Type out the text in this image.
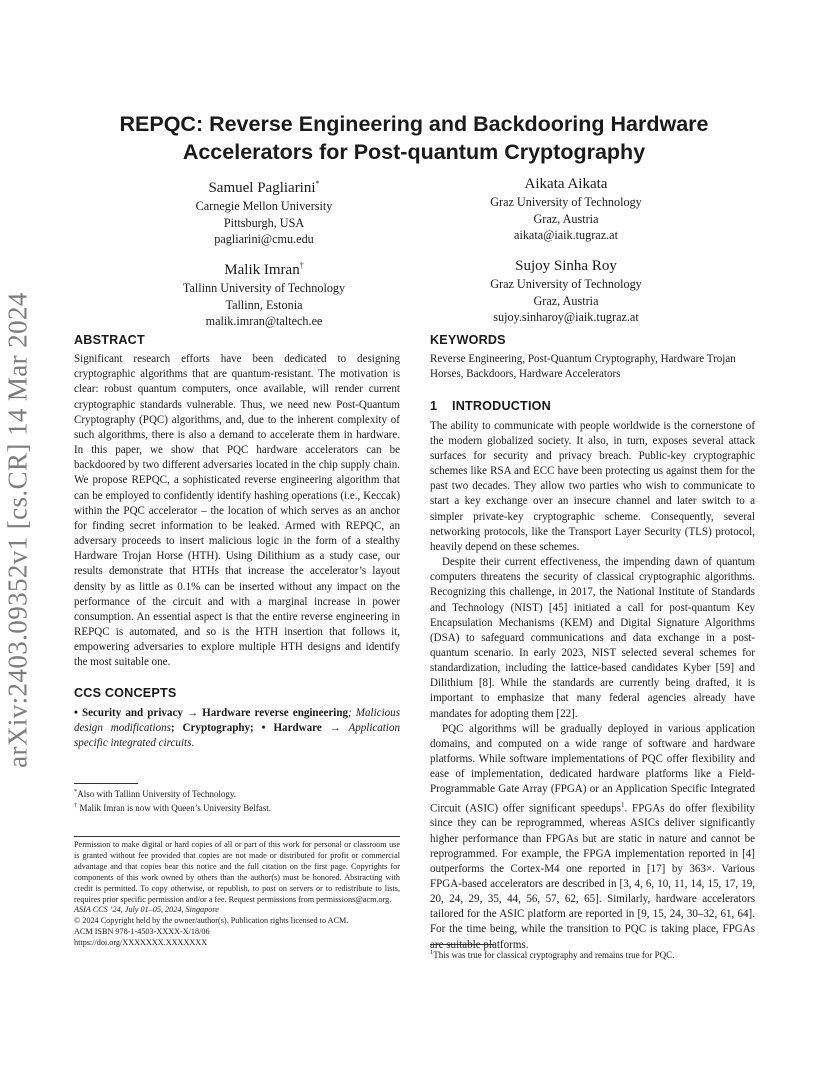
arXiv:2403.09352v1 [cs.CR] 14 Mar 2024
REPQC: Reverse Engineering and Backdooring Hardware
Accelerators for Post-quantum Cryptography
Samuel Pagliarini*
Carnegie Mellon University
Pittsburgh, USA
pagliarini@cmu.edu
Aikata Aikata
Graz University of Technology
Graz, Austria
aikata@iaik.tugraz.at
Malik Imran†
Tallinn University of Technology
Tallinn, Estonia
malik.imran@taltech.ee
Sujoy Sinha Roy
Graz University of Technology
Graz, Austria
sujoy.sinharoy@iaik.tugraz.at
ABSTRACT

Significant research efforts have been dedicated to designing cryptographic algorithms that are quantum-resistant. The motivation is clear: robust quantum computers, once available, will render current cryptographic standards vulnerable. Thus, we need new Post-Quantum Cryptography (PQC) algorithms, and, due to the inherent complexity of such algorithms, there is also a demand to accelerate them in hardware. In this paper, we show that PQC hardware accelerators can be backdoored by two different adversaries located in the chip supply chain. We propose REPQC, a sophisticated reverse engineering algorithm that can be employed to confidently identify hashing operations (i.e., Keccak) within the PQC accelerator – the location of which serves as an anchor for finding secret information to be leaked. Armed with REPQC, an adversary proceeds to insert malicious logic in the form of a stealthy Hardware Trojan Horse (HTH). Using Dilithium as a study case, our results demonstrate that HTHs that increase the accelerator’s layout density by as little as 0.1% can be inserted without any impact on the performance of the circuit and with a marginal increase in power consumption. An essential aspect is that the entire reverse engineering in REPQC is automated, and so is the HTH insertion that follows it, empowering adversaries to explore multiple HTH designs and identify the most suitable one.

CCS CONCEPTS

• Security and privacy → Hardware reverse engineering; Malicious design modifications; Cryptography; • Hardware → Application specific integrated circuits.

*Also with Tallinn University of Technology.
† Malik Imran is now with Queen’s University Belfast.

Permission to make digital or hard copies of all or part of this work for personal or classroom use is granted without fee provided that copies are not made or distributed for profit or commercial advantage and that copies bear this notice and the full citation on the first page. Copyrights for components of this work owned by others than the author(s) must be honored. Abstracting with credit is permitted. To copy otherwise, or republish, to post on servers or to redistribute to lists, requires prior specific permission and/or a fee. Request permissions from permissions@acm.org.

ASIA CCS ’24, July 01–05, 2024, Singapore

© 2024 Copyright held by the owner/author(s). Publication rights licensed to ACM.

ACM ISBN 978-1-4503-XXXX-X/18/06

https://doi.org/XXXXXXX.XXXXXXX

KEYWORDS

Reverse Engineering, Post-Quantum Cryptography, Hardware Trojan Horses, Backdoors, Hardware Accelerators

1 INTRODUCTION

The ability to communicate with people worldwide is the cornerstone of the modern globalized society. It also, in turn, exposes several attack surfaces for security and privacy breach. Public-key cryptographic schemes like RSA and ECC have been protecting us against them for the past two decades. They allow two parties who wish to communicate to start a key exchange over an insecure channel and later switch to a simpler private-key cryptographic scheme. Consequently, several networking protocols, like the Transport Layer Security (TLS) protocol, heavily depend on these schemes.

Despite their current effectiveness, the impending dawn of quantum computers threatens the security of classical cryptographic algorithms. Recognizing this challenge, in 2017, the National Institute of Standards and Technology (NIST) [45] initiated a call for post-quantum Key Encapsulation Mechanisms (KEM) and Digital Signature Algorithms (DSA) to safeguard communications and data exchange in a post-quantum scenario. In early 2023, NIST selected several schemes for standardization, including the lattice-based candidates Kyber [59] and Dilithium [8]. While the standards are currently being drafted, it is important to emphasize that many federal agencies already have mandates for adopting them [22].

PQC algorithms will be gradually deployed in various application domains, and computed on a wide range of software and hardware platforms. While software implementations of PQC offer flexibility and ease of implementation, dedicated hardware platforms like a Field-Programmable Gate Array (FPGA) or an Application Specific Integrated Circuit (ASIC) offer significant speedups$^1$. FPGAs do offer flexibility since they can be reprogrammed, whereas ASICs deliver significantly higher performance than FPGAs but are static in nature and cannot be reprogrammed. For example, the FPGA implementation reported in [4] outperforms the Cortex-M4 one reported in [17] by 363×. Various FPGA-based accelerators are described in [3, 4, 6, 10, 11, 14, 15, 17, 19, 20, 24, 29, 35, 44, 56, 57, 62, 65]. Similarly, hardware accelerators tailored for the ASIC platform are reported in [9, 15, 24, 30–32, 61, 64]. For the time being, while the transition to PQC is taking place, FPGAs are suitable platforms.

$^1$This was true for classical cryptography and remains true for PQC.
